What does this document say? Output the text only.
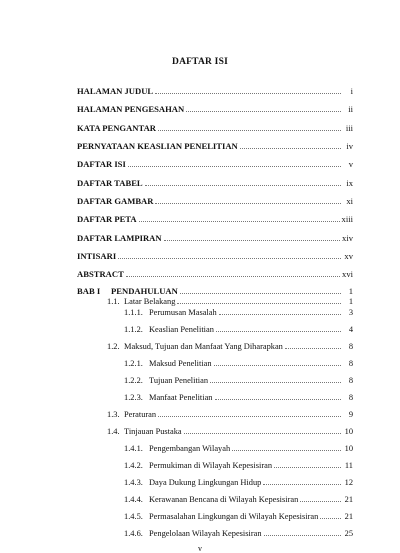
DAFTAR ISI
HALAMAN JUDUL	i
HALAMAN PENGESAHAN	ii
KATA PENGANTAR	iii
PERNYATAAN KEASLIAN PENELITIAN	iv
DAFTAR ISI	v
DAFTAR TABEL	ix
DAFTAR GAMBAR	xi
DAFTAR PETA	xiii
DAFTAR LAMPIRAN	xiv
INTISARI	xv
ABSTRACT	xvi
BAB I	PENDAHULUAN	1
1.1. Latar Belakang	1
1.1.1. Perumusan Masalah	3
1.1.2. Keaslian Penelitian	4
1.2. Maksud, Tujuan dan Manfaat Yang Diharapkan	8
1.2.1. Maksud Penelitian	8
1.2.2. Tujuan Penelitian	8
1.2.3. Manfaat Penelitian	8
1.3. Peraturan	9
1.4. Tinjauan Pustaka	10
1.4.1. Pengembangan Wilayah	10
1.4.2. Permukiman di Wilayah Kepesisiran	11
1.4.3. Daya Dukung Lingkungan Hidup	12
1.4.4. Kerawanan Bencana di Wilayah Kepesisiran	21
1.4.5. Permasalahan Lingkungan di Wilayah Kepesisiran	21
1.4.6. Pengelolaan Wilayah Kepesisiran	25
v
